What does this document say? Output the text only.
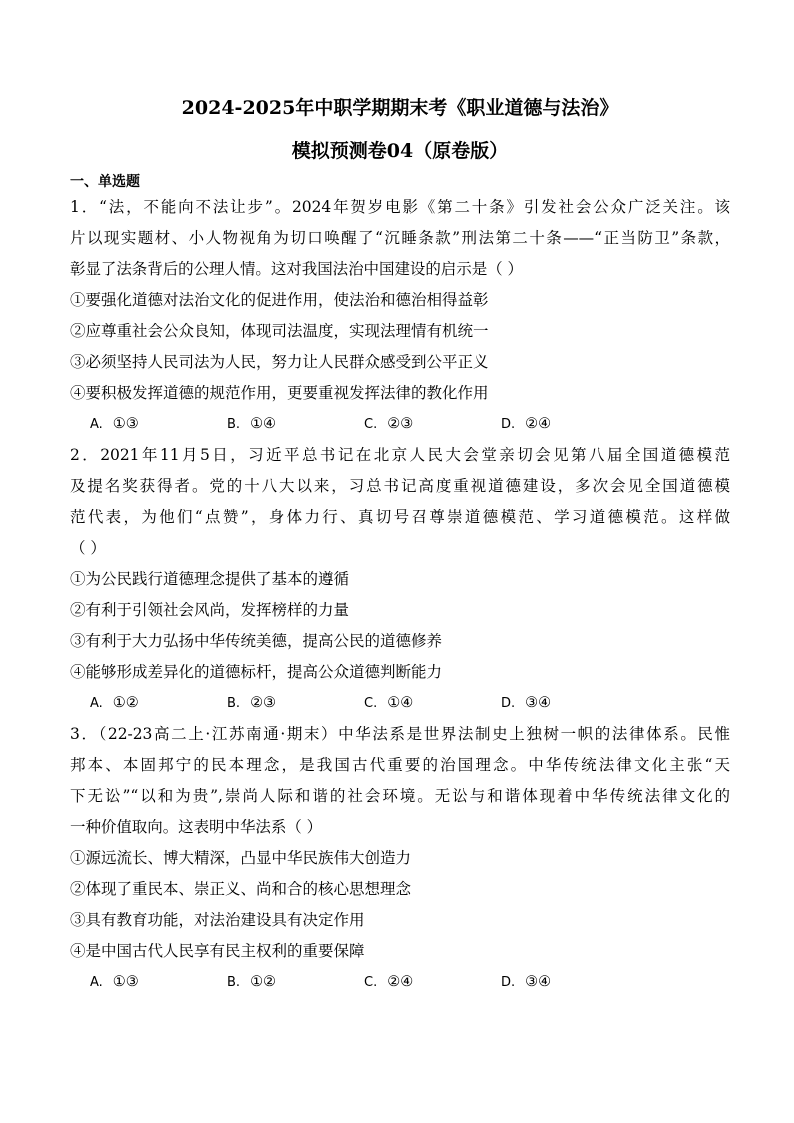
2024-2025年中职学期期末考《职业道德与法治》
模拟预测卷04（原卷版）
一、单选题
1．“法，不能向不法让步”。2024年贺岁电影《第二十条》引发社会公众广泛关注。该
片以现实题材、小人物视角为切口唤醒了“沉睡条款”刑法第二十条——“正当防卫”条款，
彰显了法条背后的公理人情。这对我国法治中国建设的启示是（ ）
①要强化道德对法治文化的促进作用，使法治和德治相得益彰
②应尊重社会公众良知，体现司法温度，实现法理情有机统一
③必须坚持人民司法为人民，努力让人民群众感受到公平正义
④要积极发挥道德的规范作用，更要重视发挥法律的教化作用
A. ①③	B. ①④	C. ②③	D. ②④
2．2021年11月5日，习近平总书记在北京人民大会堂亲切会见第八届全国道德模范
及提名奖获得者。党的十八大以来，习总书记高度重视道德建设，多次会见全国道德模
范代表，为他们“点赞”，身体力行、真切号召尊崇道德模范、学习道德模范。这样做
（ ）
①为公民践行道德理念提供了基本的遵循
②有利于引领社会风尚，发挥榜样的力量
③有利于大力弘扬中华传统美德，提高公民的道德修养
④能够形成差异化的道德标杆，提高公众道德判断能力
A. ①②	B. ②③	C. ①④	D. ③④
3．（22-23高二上·江苏南通·期末）中华法系是世界法制史上独树一帜的法律体系。民惟
邦本、本固邦宁的民本理念，是我国古代重要的治国理念。中华传统法律文化主张“天
下无讼”“以和为贵”,崇尚人际和谐的社会环境。无讼与和谐体现着中华传统法律文化的
一种价值取向。这表明中华法系（ ）
①源远流长、博大精深，凸显中华民族伟大创造力
②体现了重民本、崇正义、尚和合的核心思想理念
③具有教育功能，对法治建设具有决定作用
④是中国古代人民享有民主权利的重要保障
A. ①③	B. ①②	C. ②④	D. ③④
